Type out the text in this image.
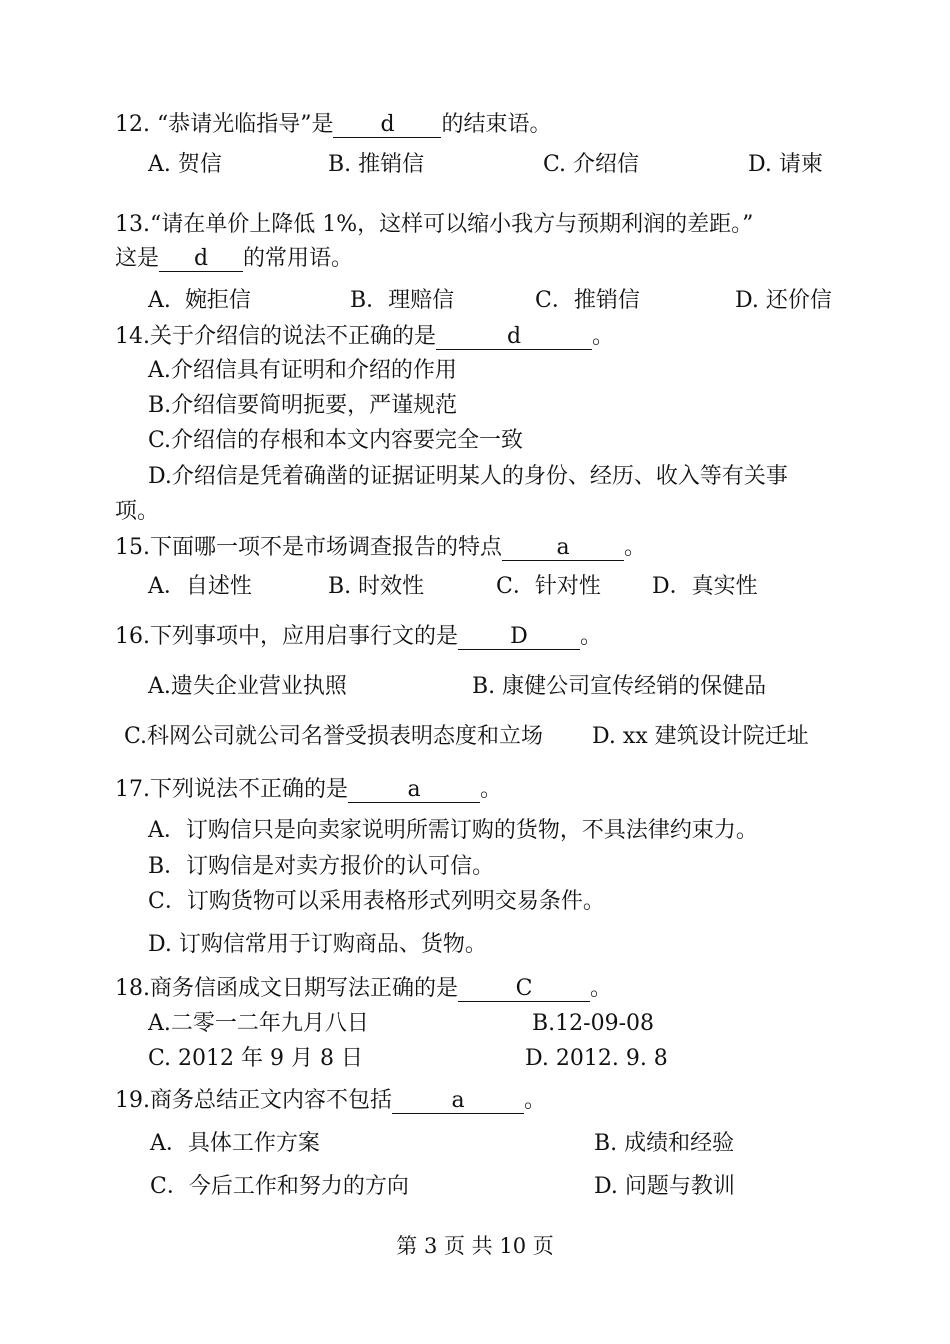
12. “恭请光临指导”是 d 的结束语。
A. 贺信	B. 推销信	C. 介绍信	D. 请柬
13.“请在单价上降低 1%，这样可以缩小我方与预期利润的差距。”
这是 d 的常用语。
A.  婉拒信	B．理赔信	C．推销信	D. 还价信
14.关于介绍信的说法不正确的是	d	。
A.介绍信具有证明和介绍的作用
B.介绍信要简明扼要，严谨规范
C.介绍信的存根和本文内容要完全一致
D.介绍信是凭着确凿的证据证明某人的身份、经历、收入等有关事
项。
15.下面哪一项不是市场调查报告的特点 a 。
A．自述性	B. 时效性	C．针对性 D．真实性
16.下列事项中，应用启事行文的是 D 。
A.遗失企业营业执照	B. 康健公司宣传经销的保健品
C.科网公司就公司名誉受损表明态度和立场 D. xx 建筑设计院迁址
17.下列说法不正确的是	a	。
A．订购信只是向卖家说明所需订购的货物，不具法律约束力。
B．订购信是对卖方报价的认可信。
C．订购货物可以采用表格形式列明交易条件。
D. 订购信常用于订购商品、货物。
18.商务信函成文日期写法正确的是	C	。
A.二零一二年九月八日	B.12-09-08
C. 2012 年 9 月 8 日	D. 2012. 9. 8
19.商务总结正文内容不包括	a	。
A．具体工作方案	B. 成绩和经验
C．今后工作和努力的方向	D. 问题与教训
第 3 页 共 10 页
